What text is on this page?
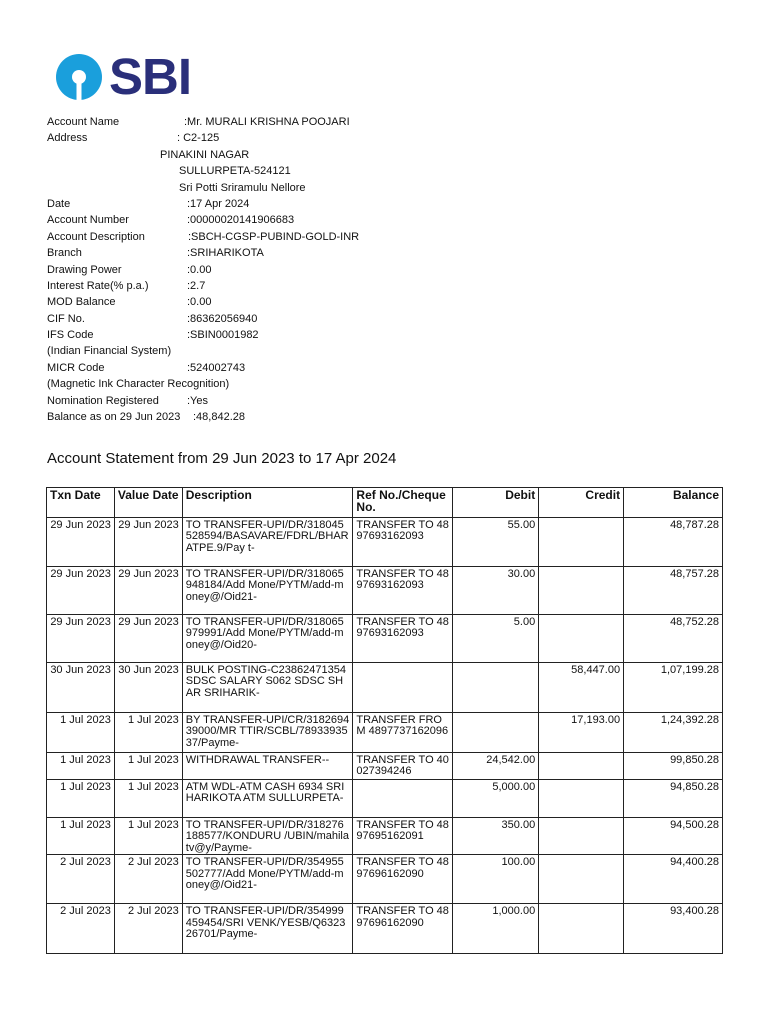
SBI
Account Name	:Mr. MURALI KRISHNA POOJARI
Address	: C2-125
PINAKINI NAGAR
SULLURPETA-524121
Sri Potti Sriramulu Nellore
Date	:17 Apr 2024
Account Number	:00000020141906683
Account Description	:SBCH-CGSP-PUBIND-GOLD-INR
Branch	:SRIHARIKOTA
Drawing Power	:0.00
Interest Rate(% p.a.)	:2.7
MOD Balance	:0.00
CIF No.	:86362056940
IFS Code	:SBIN0001982
(Indian Financial System)
MICR Code	:524002743
(Magnetic Ink Character Recognition)
Nomination Registered	:Yes
Balance as on 29 Jun 2023 :48,842.28
Account Statement from 29 Jun 2023 to 17 Apr 2024
Txn Date	Value Date	Description	Ref No./Cheque No.	Debit	Credit	Balance
29 Jun 2023	29 Jun 2023	TO TRANSFER-UPI/DR/318045528594/BASAVARE/FDRL/BHARATPE.9/Pay t-	TRANSFER TO 4897693162093	55.00		48,787.28
29 Jun 2023	29 Jun 2023	TO TRANSFER-UPI/DR/318065948184/Add Mone/PYTM/add-money@/Oid21-	TRANSFER TO 4897693162093	30.00		48,757.28
29 Jun 2023	29 Jun 2023	TO TRANSFER-UPI/DR/318065979991/Add Mone/PYTM/add-money@/Oid20-	TRANSFER TO 4897693162093	5.00		48,752.28
30 Jun 2023	30 Jun 2023	BULK POSTING-C23862471354SDSC SALARY S062 SDSC SHAR SRIHARIK-			58,447.00	1,07,199.28
1 Jul 2023	1 Jul 2023	BY TRANSFER-UPI/CR/318269439000/MR TTIR/SCBL/7893393537/Payme-	TRANSFER FROM 4897737162096		17,193.00	1,24,392.28
1 Jul 2023	1 Jul 2023	WITHDRAWAL TRANSFER--	TRANSFER TO 40027394246	24,542.00		99,850.28
1 Jul 2023	1 Jul 2023	ATM WDL-ATM CASH 6934 SRIHARIKOTA ATM SULLURPETA-		5,000.00		94,850.28
1 Jul 2023	1 Jul 2023	TO TRANSFER-UPI/DR/318276188577/KONDURU /UBIN/mahilatv@y/Payme-	TRANSFER TO 4897695162091	350.00		94,500.28
2 Jul 2023	2 Jul 2023	TO TRANSFER-UPI/DR/354955502777/Add Mone/PYTM/add-money@/Oid21-	TRANSFER TO 4897696162090	100.00		94,400.28
2 Jul 2023	2 Jul 2023	TO TRANSFER-UPI/DR/354999459454/SRI VENK/YESB/Q632326701/Payme-	TRANSFER TO 4897696162090	1,000.00		93,400.28
